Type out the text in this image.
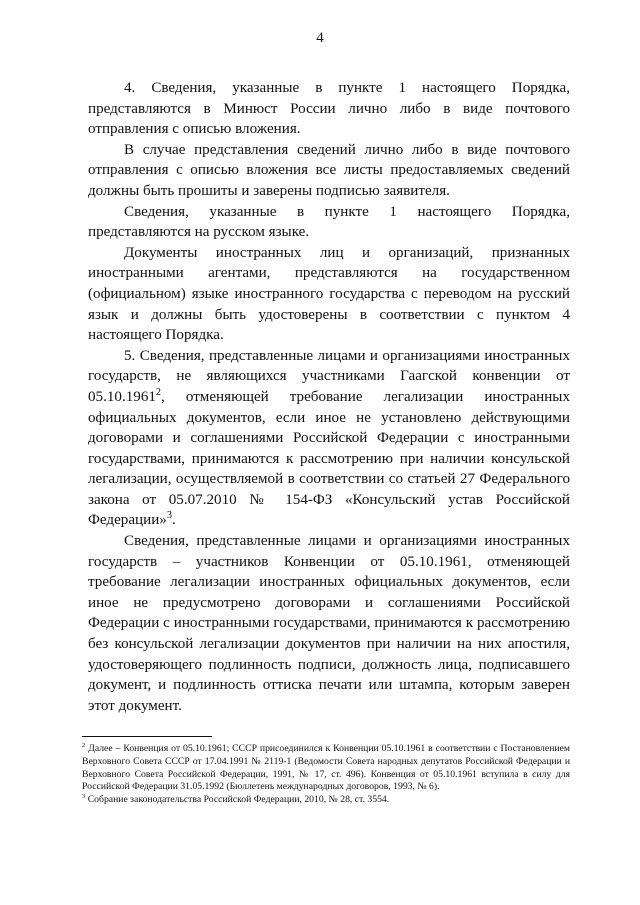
4

4. Сведения, указанные в пункте 1 настоящего Порядка, представляются в Минюст России лично либо в виде почтового отправления с описью вложения.

В случае представления сведений лично либо в виде почтового отправления с описью вложения все листы предоставляемых сведений должны быть прошиты и заверены подписью заявителя.

Сведения, указанные в пункте 1 настоящего Порядка, представляются на русском языке.

Документы иностранных лиц и организаций, признанных иностранными агентами, представляются на государственном (официальном) языке иностранного государства с переводом на русский язык и должны быть удостоверены в соответствии с пунктом 4 настоящего Порядка.

5. Сведения, представленные лицами и организациями иностранных государств, не являющихся участниками Гаагской конвенции от 05.10.1961$^2$, отменяющей требование легализации иностранных официальных документов, если иное не установлено действующими договорами и соглашениями Российской Федерации с иностранными государствами, принимаются к рассмотрению при наличии консульской легализации, осуществляемой в соответствии со статьей 27 Федерального закона от 05.07.2010 № 154-ФЗ «Консульский устав Российской Федерации»$^3$.

Сведения, представленные лицами и организациями иностранных государств – участников Конвенции от 05.10.1961, отменяющей требование легализации иностранных официальных документов, если иное не предусмотрено договорами и соглашениями Российской Федерации с иностранными государствами, принимаются к рассмотрению без консульской легализации документов при наличии на них апостиля, удостоверяющего подлинность подписи, должность лица, подписавшего документ, и подлинность оттиска печати или штампа, которым заверен этот документ.

$^2$ Далее – Конвенция от 05.10.1961; СССР присоединился к Конвенции 05.10.1961 в соответствии с Постановлением Верховного Совета СССР от 17.04.1991 № 2119-1 (Ведомости Совета народных депутатов Российской Федерации и Верховного Совета Российской Федерации, 1991, № 17, ст. 496). Конвенция от 05.10.1961 вступила в силу для Российской Федерации 31.05.1992 (Бюллетень международных договоров, 1993, № 6).

$^3$ Собрание законодательства Российской Федерации, 2010, № 28, ст. 3554.
